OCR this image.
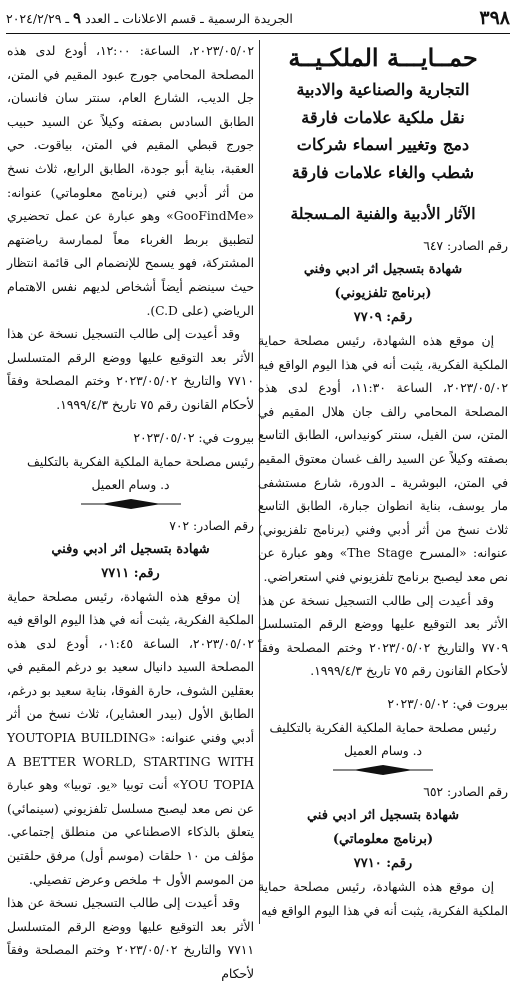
٣٩٨
الجريدة الرسمية ـ قسم الاعلانات ـ العدد ٩ ـ ٢٠٢٤/٢/٢٩
حمــايـــة الملكـيــة
التجارية والصناعية والادبية
نقل ملكية علامات فارقة
دمج وتغيير اسماء شركات
شطب والغاء علامات فارقة
الآثار الأدبية والفنية المـسجلة

رقم الصادر: ٦٤٧

شهادة بتسجيل اثر ادبي وفني

(برنامج تلفزيوني)

رقم: ٧٧٠٩

إن موقع هذه الشهادة، رئيس مصلحة حماية الملكية الفكرية، يثبت أنه في هذا اليوم الواقع فيه ٢٠٢٣/٠٥/٠٢، الساعة ١١:٣٠، أودع لدى هذه المصلحة المحامي رالف جان هلال المقيم في المتن، سن الفيل، سنتر كونيداس، الطابق التاسع بصفته وكيلاً عن السيد رالف غسان معتوق المقيم في المتن، البوشرية ـ الدورة، شارع مستشفى مار يوسف، بناية انطوان جبارة، الطابق التاسع ثلاث نسخ من أثر أدبي وفني (برنامج تلفزيوني) عنوانه: «المسرح The Stage» وهو عبارة عن نص معد ليصبح برنامج تلفزيوني فني استعراضي.

وقد أعيدت إلى طالب التسجيل نسخة عن هذا الأثر بعد التوقيع عليها ووضع الرقم المتسلسل ٧٧٠٩ والتاريخ ٢٠٢٣/٠٥/٠٢ وختم المصلحة وفقاً لأحكام القانون رقم ٧٥ تاريخ ١٩٩٩/٤/٣.

بيروت في: ٢٠٢٣/٠٥/٠٢

رئيس مصلحة حماية الملكية الفكرية بالتكليف

د. وسام العميل

رقم الصادر: ٦٥٢

شهادة بتسجيل اثر ادبي فني

(برنامج معلوماتي)

رقم: ٧٧١٠

إن موقع هذه الشهادة، رئيس مصلحة حماية الملكية الفكرية، يثبت أنه في هذا اليوم الواقع فيه

٢٠٢٣/٠٥/٠٢، الساعة: ١٢:٠٠، أودع لدى هذه المصلحة المحامي جورج عبود المقيم في المتن، جل الديب، الشارع العام، سنتر سان فانسان، الطابق السادس بصفته وكيلاً عن السيد حبيب جورج قبطي المقيم في المتن، بياقوت. حي العقبة، بناية أبو جودة، الطابق الرابع، ثلاث نسخ من أثر أدبي فني (برنامج معلوماتي) عنوانه: «GooFindMe» وهو عبارة عن عمل تحضيري لتطبيق بربط الغرباء معاً لممارسة رياضتهم المشتركة، فهو يسمح للإنضمام الى قائمة انتظار حيث سينضم أيضاً أشخاص لديهم نفس الاهتمام الرياضي (على C.D).

وقد أعيدت إلى طالب التسجيل نسخة عن هذا الأثر بعد التوقيع عليها ووضع الرقم المتسلسل ٧٧١٠ والتاريخ ٢٠٢٣/٠٥/٠٢ وختم المصلحة وفقاً لأحكام القانون رقم ٧٥ تاريخ ١٩٩٩/٤/٣.

بيروت في: ٢٠٢٣/٠٥/٠٢

رئيس مصلحة حماية الملكية الفكرية بالتكليف

د. وسام العميل

رقم الصادر: ٧٠٢

شهادة بتسجيل اثر ادبي وفني

رقم: ٧٧١١

إن موقع هذه الشهادة، رئيس مصلحة حماية الملكية الفكرية، يثبت أنه في هذا اليوم الواقع فيه ٢٠٢٣/٠٥/٠٢، الساعة ٠١:٤٥، أودع لدى هذه المصلحة السيد دانيال سعيد بو درغم المقيم في بعقلين الشوف، حارة الفوقا، بناية سعيد بو درغم، الطابق الأول (بيدر العشاير)، ثلاث نسخ من أثر أدبي وفني عنوانه: «YOUTOPIA BUILDING A BETTER WORLD, STARTING WITH YOU TOPIA» أنت توبيا «يو. توبيا» وهو عبارة عن نص معد ليصبح مسلسل تلفزيوني (سينمائي) يتعلق بالذكاء الاصطناعي من منطلق إجتماعي. مؤلف من ١٠ حلقات (موسم أول) مرفق حلقتين من الموسم الأول + ملخص وعرض تفصيلي.

وقد أعيدت إلى طالب التسجيل نسخة عن هذا الأثر بعد التوقيع عليها ووضع الرقم المتسلسل ٧٧١١ والتاريخ ٢٠٢٣/٠٥/٠٢ وختم المصلحة وفقاً لأحكام
